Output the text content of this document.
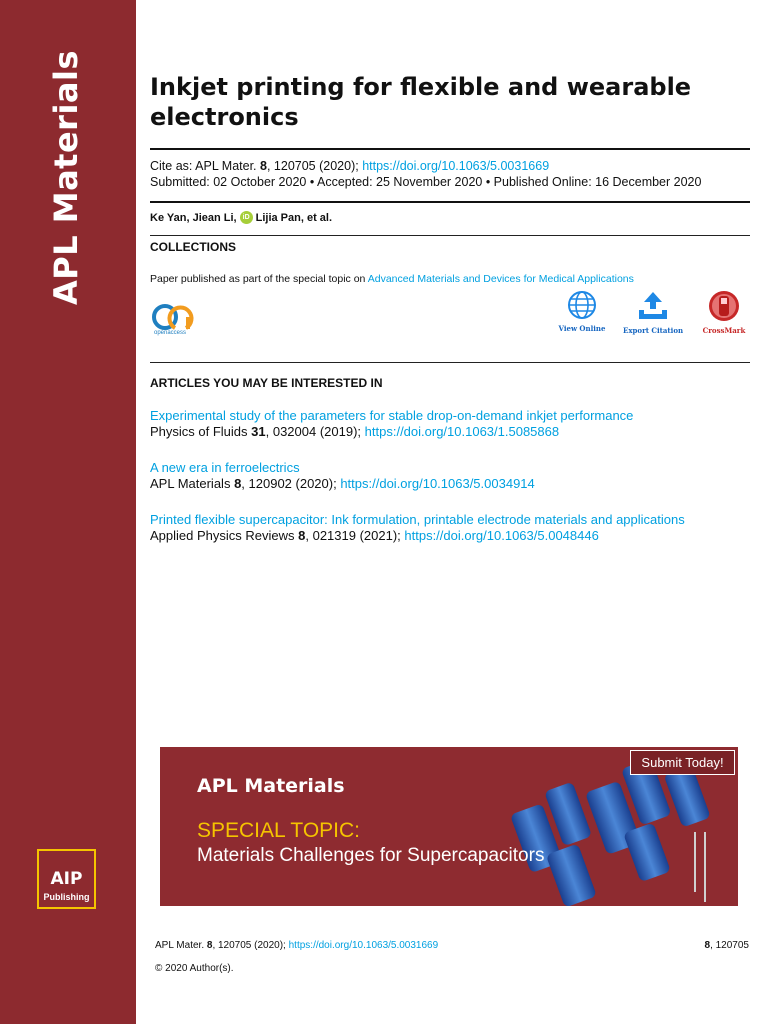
APL Materials
AIP
Publishing
Inkjet printing for flexible and wearable electronics
Cite as: APL Mater. 8, 120705 (2020); https://doi.org/10.1063/5.0031669
Submitted: 02 October 2020 • Accepted: 25 November 2020 • Published Online: 16 December 2020
Ke Yan, Jiean Li, iD Lijia Pan, et al.
COLLECTIONS
Paper published as part of the special topic on Advanced Materials and Devices for Medical Applications
openaccess	View Online	Export Citation	CrossMark
ARTICLES YOU MAY BE INTERESTED IN
Experimental study of the parameters for stable drop-on-demand inkjet performance
Physics of Fluids 31, 032004 (2019); https://doi.org/10.1063/1.5085868
A new era in ferroelectrics
APL Materials 8, 120902 (2020); https://doi.org/10.1063/5.0034914
Printed flexible supercapacitor: Ink formulation, printable electrode materials and applications
Applied Physics Reviews 8, 021319 (2021); https://doi.org/10.1063/5.0048446
Submit Today!
APL Materials
SPECIAL TOPIC:
Materials Challenges for Supercapacitors
APL Mater. 8, 120705 (2020); https://doi.org/10.1063/5.0031669	8, 120705
© 2020 Author(s).
